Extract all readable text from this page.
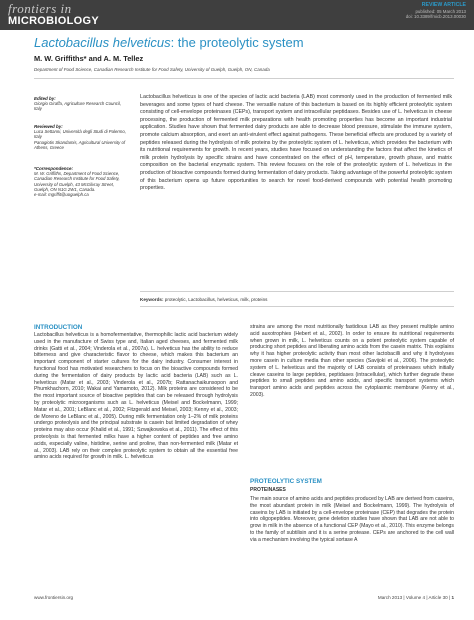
frontiers in
MICROBIOLOGY
REVIEW ARTICLE
published: 05 March 2013
doi: 10.3389/fmicb.2013.00030
Lactobacillus helveticus: the proteolytic system
M. W. Griffiths* and A. M. Tellez
Department of Food Science, Canadian Research Institute for Food Safety, University of Guelph, Guelph, ON, Canada
Edited by:
Giorgio Giraffa, Agriculture Research Council, Italy
Reviewed by:
Luca Settanni, Università degli Studi di Palermo, Italy
Panagiotis Skandamis, Agricultural University of Athens, Greece
*Correspondence:
M. W. Griffiths, Department of Food Science, Canadian Research Institute for Food Safety, University of Guelph, 43 McGilvray Street, Guelph, ON N1G 2W1, Canada.
e-mail: mgriffit@uoguelph.ca
Lactobacillus helveticus is one of the species of lactic acid bacteria (LAB) most commonly used in the production of fermented milk beverages and some types of hard cheese. The versatile nature of this bacterium is based on its highly efficient proteolytic system consisting of cell-envelope proteinases (CEPs), transport system and intracellular peptidases. Besides use of L. helveticus in cheese processing, the production of fermented milk preparations with health promoting properties has become an important industrial application. Studies have shown that fermented dairy products are able to decrease blood pressure, stimulate the immune system, promote calcium absorption, and exert an anti-virulent effect against pathogens. These beneficial effects are produced by a variety of peptides released during the hydrolysis of milk proteins by the proteolytic system of L. helveticus, which provides the bacterium with its nutritional requirements for growth. In recent years, studies have focused on understanding the factors that affect the kinetics of milk protein hydrolysis by specific strains and have concentrated on the effect of pH, temperature, growth phase, and matrix composition on the bacterial enzymatic system. This review focuses on the role of the proteolytic system of L. helveticus in the production of bioactive compounds formed during fermentation of dairy products. Taking advantage of the powerful proteolytic system of this bacterium opens up future opportunities to search for novel food-derived compounds with potential health promoting properties.
Keywords: proteolytic, Lactobacillus, helveticus, milk, proteins
INTRODUCTION
Lactobacillus helveticus is a homofermentative, thermophilic lactic acid bacterium widely used in the manufacture of Swiss type and, Italian aged cheeses, and fermented milk drinks (Gatti et al., 2004; Vinderola et al., 2007a). L. helveticus has the ability to reduce bitterness and give characteristic flavor to cheese, which makes this bacterium an important component of starter cultures for the dairy industry. Consumer interest in functional food has motivated researchers to focus on the bioactive compounds formed during the fermentation of dairy products by lactic acid bacteria (LAB) such as L. helveticus (Matar et al., 2003; Vinderola et al., 2007b; Rattanachaikunsopon and Phumkhachorn, 2010; Wakai and Yamamoto, 2012). Milk proteins are considered to be the most important source of bioactive peptides that can be released through hydrolysis by proteolytic microorganisms such as L. helveticus (Meisel and Bockelmann, 1999; Matar et al., 2001; LeBlanc et al., 2002; Fitzgerald and Meisel, 2003; Kenny et al., 2003; de Moreno de LeBlanc et al., 2005). During milk fermentation only 1–2% of milk proteins undergo proteolysis and the principal substrate is casein but limited degradation of whey proteins may also occur (Khalid et al., 1991; Szwajkowska et al., 2011). The effect of this proteolysis is that fermented milks have a higher content of peptides and free amino acids, especially valine, histidine, serine and proline, than non-fermented milk (Matar et al., 2003). LAB rely on their complex proteolytic system to obtain all the essential free amino acids required for growth in milk. L. helveticus
strains are among the most nutritionally fastidious LAB as they present multiple amino acid auxotrophies (Hebert et al., 2002). In order to ensure its nutritional requirements when grown in milk, L. helveticus counts on a potent proteolytic system capable of producing short peptides and liberating amino acids from the casein matrix. This explains why it has higher proteolytic activity than most other lactobacilli and why it hydrolyses more casein in culture media than other species (Savijoki et al., 2006). The proteolytic system of L. helveticus and the majority of LAB consists of proteinases which initially cleave caseins to large peptides, peptidases (intracellular), which further degrade these peptides to small peptides and amino acids, and specific transport systems which transport amino acids and peptides across the cytoplasmic membrane (Kenny et al., 2003).
PROTEOLYTIC SYSTEM
PROTEINASES
The main source of amino acids and peptides produced by LAB are derived from caseins, the most abundant protein in milk (Meisel and Bockelmann, 1999). The hydrolysis of caseins by LAB is initiated by a cell-envelope proteinase (CEP) that degrades the protein into oligopeptides. Moreover, gene deletion studies have shown that LAB are not able to grow in milk in the absence of a functional CEP (Mayo et al., 2010). This enzyme belongs to the family of subtilisin and it is a serine protease. CEPs are anchored to the cell wall via a mechanism involving the typical sortase A
www.frontiersin.org	March 2013 | Volume 4 | Article 30 | 1
